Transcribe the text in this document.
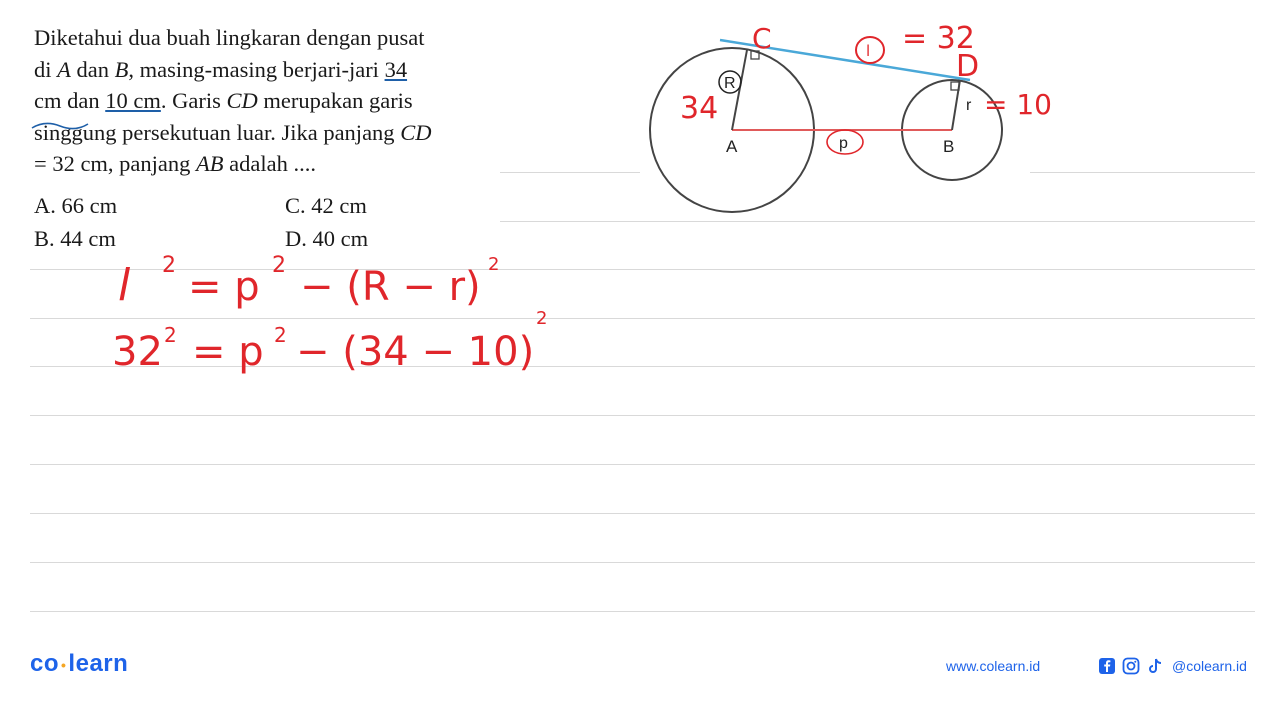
Diketahui dua buah lingkaran dengan pusat
di A dan B, masing-masing berjari-jari 34
cm dan 10 cm. Garis CD merupakan garis
singgung persekutuan luar. Jika panjang CD
= 32 cm, panjang AB adalah ....
A. 66 cm	C. 42 cm
B. 44 cm	D. 40 cm
A	B
R
r
p
C	l = 32
D
34	= 10
l 2 = p 2 − (R − r) 2
32 2 = p 2 − (34 − 10)
2
co •learn	www.colearn.id	@colearn.id
